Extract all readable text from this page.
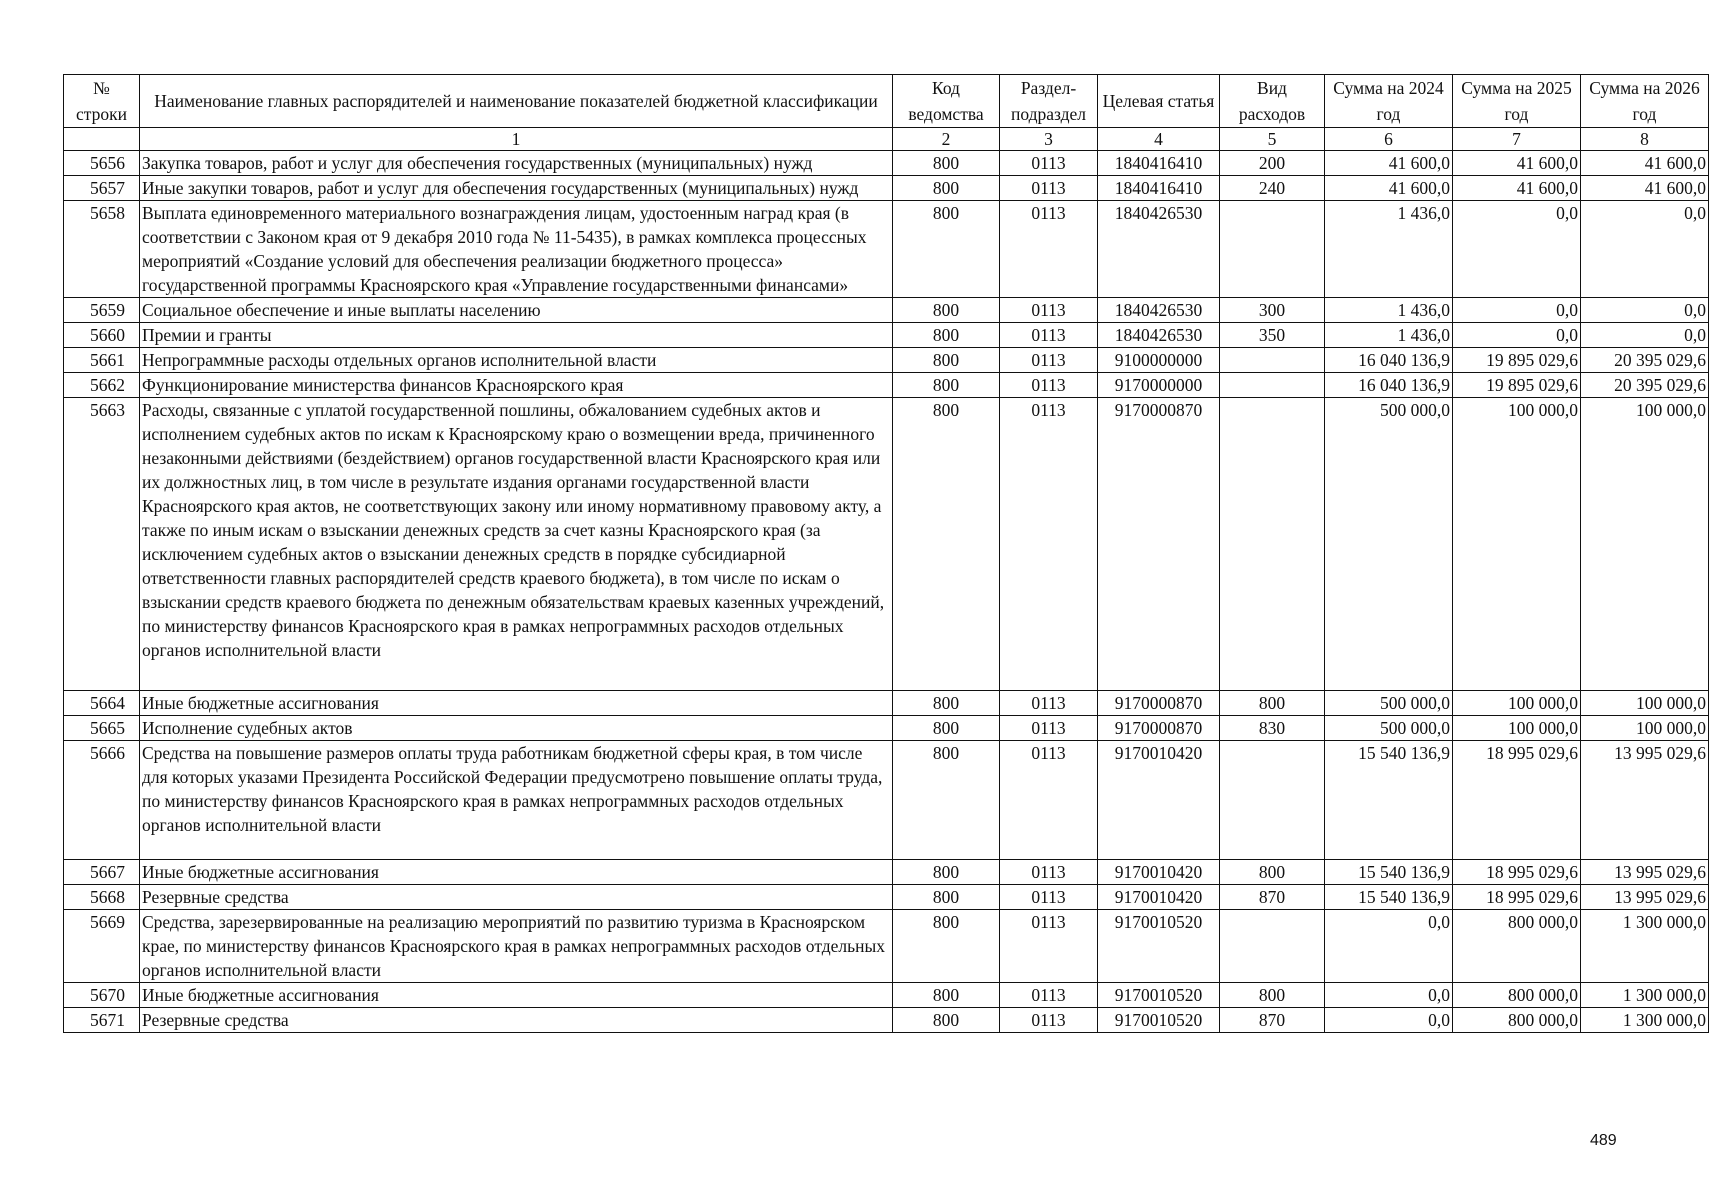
№ строки	Наименование главных распорядителей и наименование показателей бюджетной классификации	Код ведомства	Раздел-подраздел	Целевая статья	Вид расходов	Сумма на 2024 год	Сумма на 2025 год	Сумма на 2026 год
	1	2	3	4	5	6	7	8
5656	Закупка товаров, работ и услуг для обеспечения государственных (муниципальных) нужд	800	0113	1840416410	200	41 600,0	41 600,0	41 600,0
5657	Иные закупки товаров, работ и услуг для обеспечения государственных (муниципальных) нужд	800	0113	1840416410	240	41 600,0	41 600,0	41 600,0
5658	Выплата единовременного материального вознаграждения лицам, удостоенным наград края (в соответствии с Законом края от 9 декабря 2010 года № 11-5435), в рамках комплекса процессных мероприятий «Создание условий для обеспечения реализации бюджетного процесса» государственной программы Красноярского края «Управление государственными финансами»	800	0113	1840426530		1 436,0	0,0	0,0
5659	Социальное обеспечение и иные выплаты населению	800	0113	1840426530	300	1 436,0	0,0	0,0
5660	Премии и гранты	800	0113	1840426530	350	1 436,0	0,0	0,0
5661	Непрограммные расходы отдельных органов исполнительной власти	800	0113	9100000000		16 040 136,9	19 895 029,6	20 395 029,6
5662	Функционирование министерства финансов Красноярского края	800	0113	9170000000		16 040 136,9	19 895 029,6	20 395 029,6
5663	Расходы, связанные с уплатой государственной пошлины, обжалованием судебных актов и исполнением судебных актов по искам к Красноярскому краю о возмещении вреда, причиненного незаконными действиями (бездействием) органов государственной власти Красноярского края или их должностных лиц, в том числе в результате издания органами государственной власти Красноярского края актов, не соответствующих закону или иному нормативному правовому акту, а также по иным искам о взыскании денежных средств за счет казны Красноярского края (за исключением судебных актов о взыскании денежных средств в порядке субсидиарной ответственности главных распорядителей средств краевого бюджета), в том числе по искам о взыскании средств краевого бюджета по денежным обязательствам краевых казенных учреждений, по министерству финансов Красноярского края в рамках непрограммных расходов отдельных органов исполнительной власти	800	0113	9170000870		500 000,0	100 000,0	100 000,0
5664	Иные бюджетные ассигнования	800	0113	9170000870	800	500 000,0	100 000,0	100 000,0
5665	Исполнение судебных актов	800	0113	9170000870	830	500 000,0	100 000,0	100 000,0
5666	Средства на повышение размеров оплаты труда работникам бюджетной сферы края, в том числе для которых указами Президента Российской Федерации предусмотрено повышение оплаты труда, по министерству финансов Красноярского края в рамках непрограммных расходов отдельных органов исполнительной власти	800	0113	9170010420		15 540 136,9	18 995 029,6	13 995 029,6
5667	Иные бюджетные ассигнования	800	0113	9170010420	800	15 540 136,9	18 995 029,6	13 995 029,6
5668	Резервные средства	800	0113	9170010420	870	15 540 136,9	18 995 029,6	13 995 029,6
5669	Средства, зарезервированные на реализацию мероприятий по развитию туризма в Красноярском крае, по министерству финансов Красноярского края в рамках непрограммных расходов отдельных органов исполнительной власти	800	0113	9170010520		0,0	800 000,0	1 300 000,0
5670	Иные бюджетные ассигнования	800	0113	9170010520	800	0,0	800 000,0	1 300 000,0
5671	Резервные средства	800	0113	9170010520	870	0,0	800 000,0	1 300 000,0
489
